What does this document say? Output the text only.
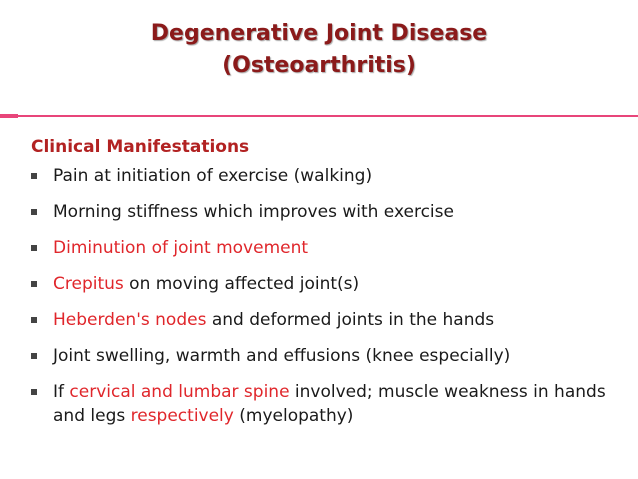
Degenerative Joint Disease
(Osteoarthritis)
Clinical Manifestations
Pain at initiation of exercise (walking)
Morning stiffness which improves with exercise
Diminution of joint movement
Crepitus on moving affected joint(s)
Heberden's nodes and deformed joints in the hands
Joint swelling, warmth and effusions (knee especially)
If cervical and lumbar spine involved; muscle weakness in hands and legs respectively (myelopathy)
